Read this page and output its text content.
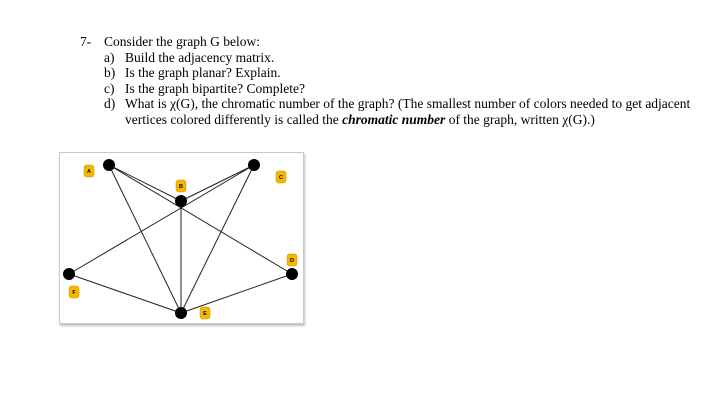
7- Consider the graph G below:
a) Build the adjacency matrix.
b) Is the graph planar? Explain.
c) Is the graph bipartite? Complete?
d) What is χ(G), the chromatic number of the graph? (The smallest number of colors needed to get adjacent vertices colored differently is called the chromatic number of the graph, written χ(G).)
A
B
C
D
E
F
